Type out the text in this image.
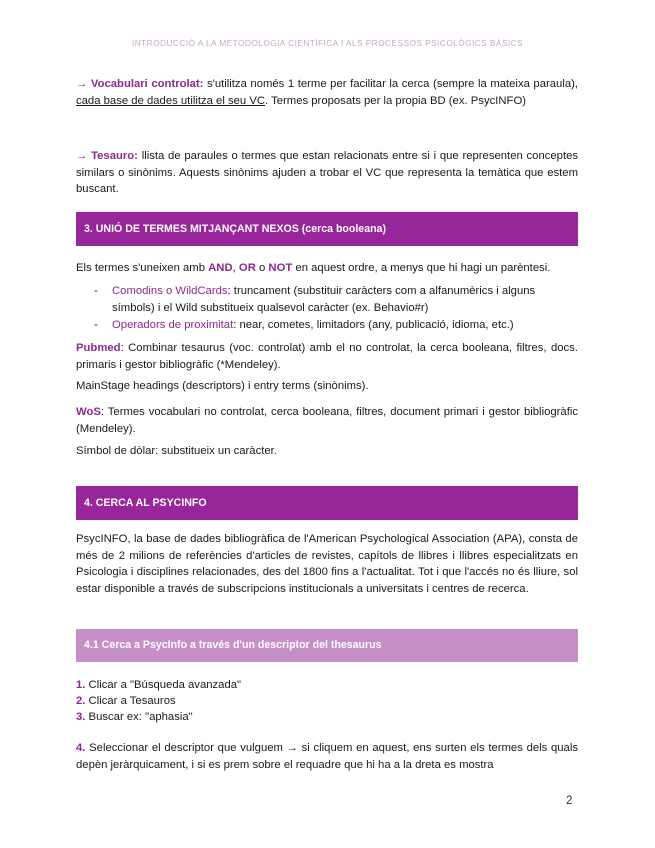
INTRODUCCIÓ A LA METODOLOGIA CIENTÍFICA I ALS PROCESSOS PSICOLÒGICS BÀSICS
→ Vocabulari controlat: s'utilitza només 1 terme per facilitar la cerca (sempre la mateixa paraula), cada base de dades utilitza el seu VC. Termes proposats per la propia BD (ex. PsycINFO)
→ Tesauro: llista de paraules o termes que estan relacionats entre si i que representen conceptes similars o sinònims. Aquests sinònims ajuden a trobar el VC que representa la temàtica que estem buscant.
3. UNIÓ DE TERMES MITJANÇANT NEXOS (cerca booleana)
Els termes s'uneixen amb AND, OR o NOT en aquest ordre, a menys que hi hagi un parèntesi.
- Comodins o WildCards: truncament (substituir caràcters com a alfanumèrics i alguns símbols) i el Wild substitueix qualsevol caràcter (ex. Behavio#r)
- Operadors de proximitat: near, cometes, limitadors (any, publicació, idioma, etc.)
Pubmed: Combinar tesaurus (voc. controlat) amb el no controlat, la cerca booleana, filtres, docs. primaris i gestor bibliogràfic (*Mendeley).
MainStage headings (descriptors) i entry terms (sinònims).
WoS: Termes vocabulari no controlat, cerca booleana, filtres, document primari i gestor bibliogràfic (Mendeley).
Símbol de dòlar: substitueix un caràcter.
4. CERCA AL PSYCINFO
PsycINFO, la base de dades bibliogràfica de l'American Psychological Association (APA), consta de més de 2 milions de referències d'articles de revistes, capítols de llibres i llibres especialitzats en Psicologia i disciplines relacionades, des del 1800 fins a l'actualitat. Tot i que l'accés no és lliure, sol estar disponible a través de subscripcions institucionals a universitats i centres de recerca.
4.1 Cerca a PsycInfo a través d'un descriptor del thesaurus
1. Clicar a "Búsqueda avanzada"
2. Clicar a Tesauros
3. Buscar ex: "aphasia"
4. Seleccionar el descriptor que vulguem → si cliquem en aquest, ens surten els termes dels quals depèn jeràrquicament, i si es prem sobre el requadre que hi ha a la dreta es mostra
2
